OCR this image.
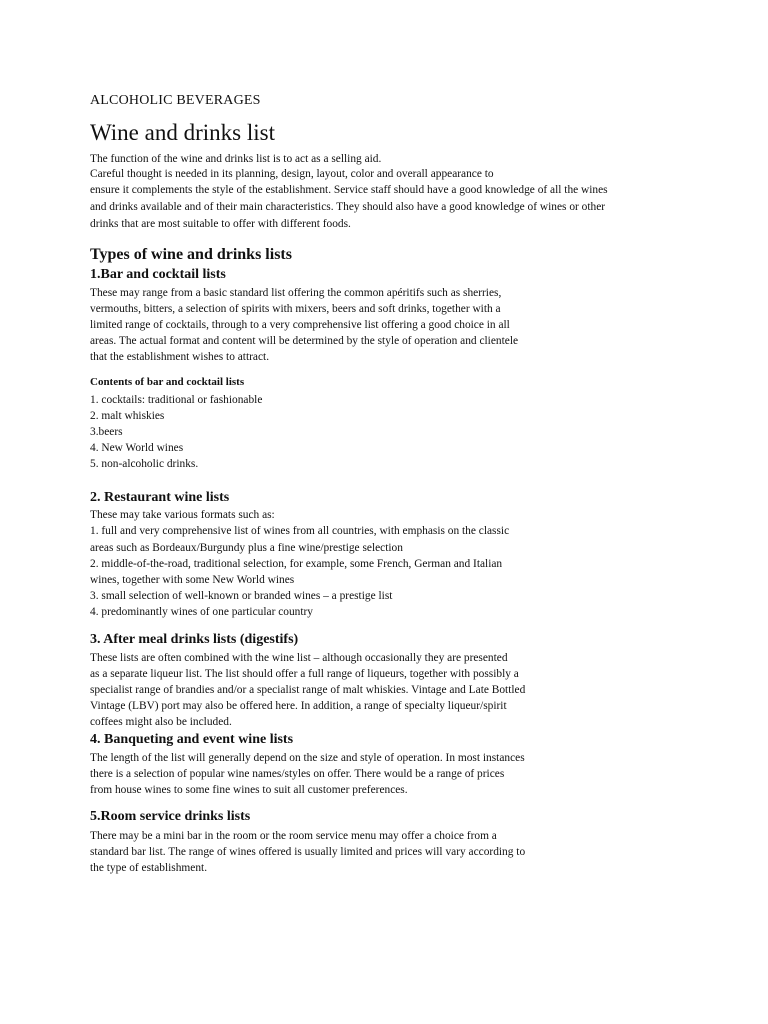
ALCOHOLIC BEVERAGES
Wine and drinks list
The function of the wine and drinks list is to act as a selling aid.
Careful thought is needed in its planning, design, layout, color and overall appearance to
ensure it complements the style of the establishment. Service staff should have a good knowledge of all the wines
and drinks available and of their main characteristics. They should also have a good knowledge of wines or other
drinks that are most suitable to offer with different foods.
Types of wine and drinks lists
1.Bar and cocktail lists
These may range from a basic standard list offering the common apéritifs such as sherries,
vermouths, bitters, a selection of spirits with mixers, beers and soft drinks, together with a
limited range of cocktails, through to a very comprehensive list offering a good choice in all
areas. The actual format and content will be determined by the style of operation and clientele
that the establishment wishes to attract.
Contents of bar and cocktail lists
1. cocktails: traditional or fashionable
2. malt whiskies
3.beers
4. New World wines
5. non-alcoholic drinks.
2. Restaurant wine lists
These may take various formats such as:
1. full and very comprehensive list of wines from all countries, with emphasis on the classic
areas such as Bordeaux/Burgundy plus a fine wine/prestige selection
2. middle-of-the-road, traditional selection, for example, some French, German and Italian
wines, together with some New World wines
3. small selection of well-known or branded wines – a prestige list
4. predominantly wines of one particular country
3. After meal drinks lists (digestifs)
These lists are often combined with the wine list – although occasionally they are presented
as a separate liqueur list. The list should offer a full range of liqueurs, together with possibly a
specialist range of brandies and/or a specialist range of malt whiskies. Vintage and Late Bottled
Vintage (LBV) port may also be offered here. In addition, a range of specialty liqueur/spirit
coffees might also be included.
4. Banqueting and event wine lists
The length of the list will generally depend on the size and style of operation. In most instances
there is a selection of popular wine names/styles on offer. There would be a range of prices
from house wines to some fine wines to suit all customer preferences.
5.Room service drinks lists
There may be a mini bar in the room or the room service menu may offer a choice from a
standard bar list. The range of wines offered is usually limited and prices will vary according to
the type of establishment.
